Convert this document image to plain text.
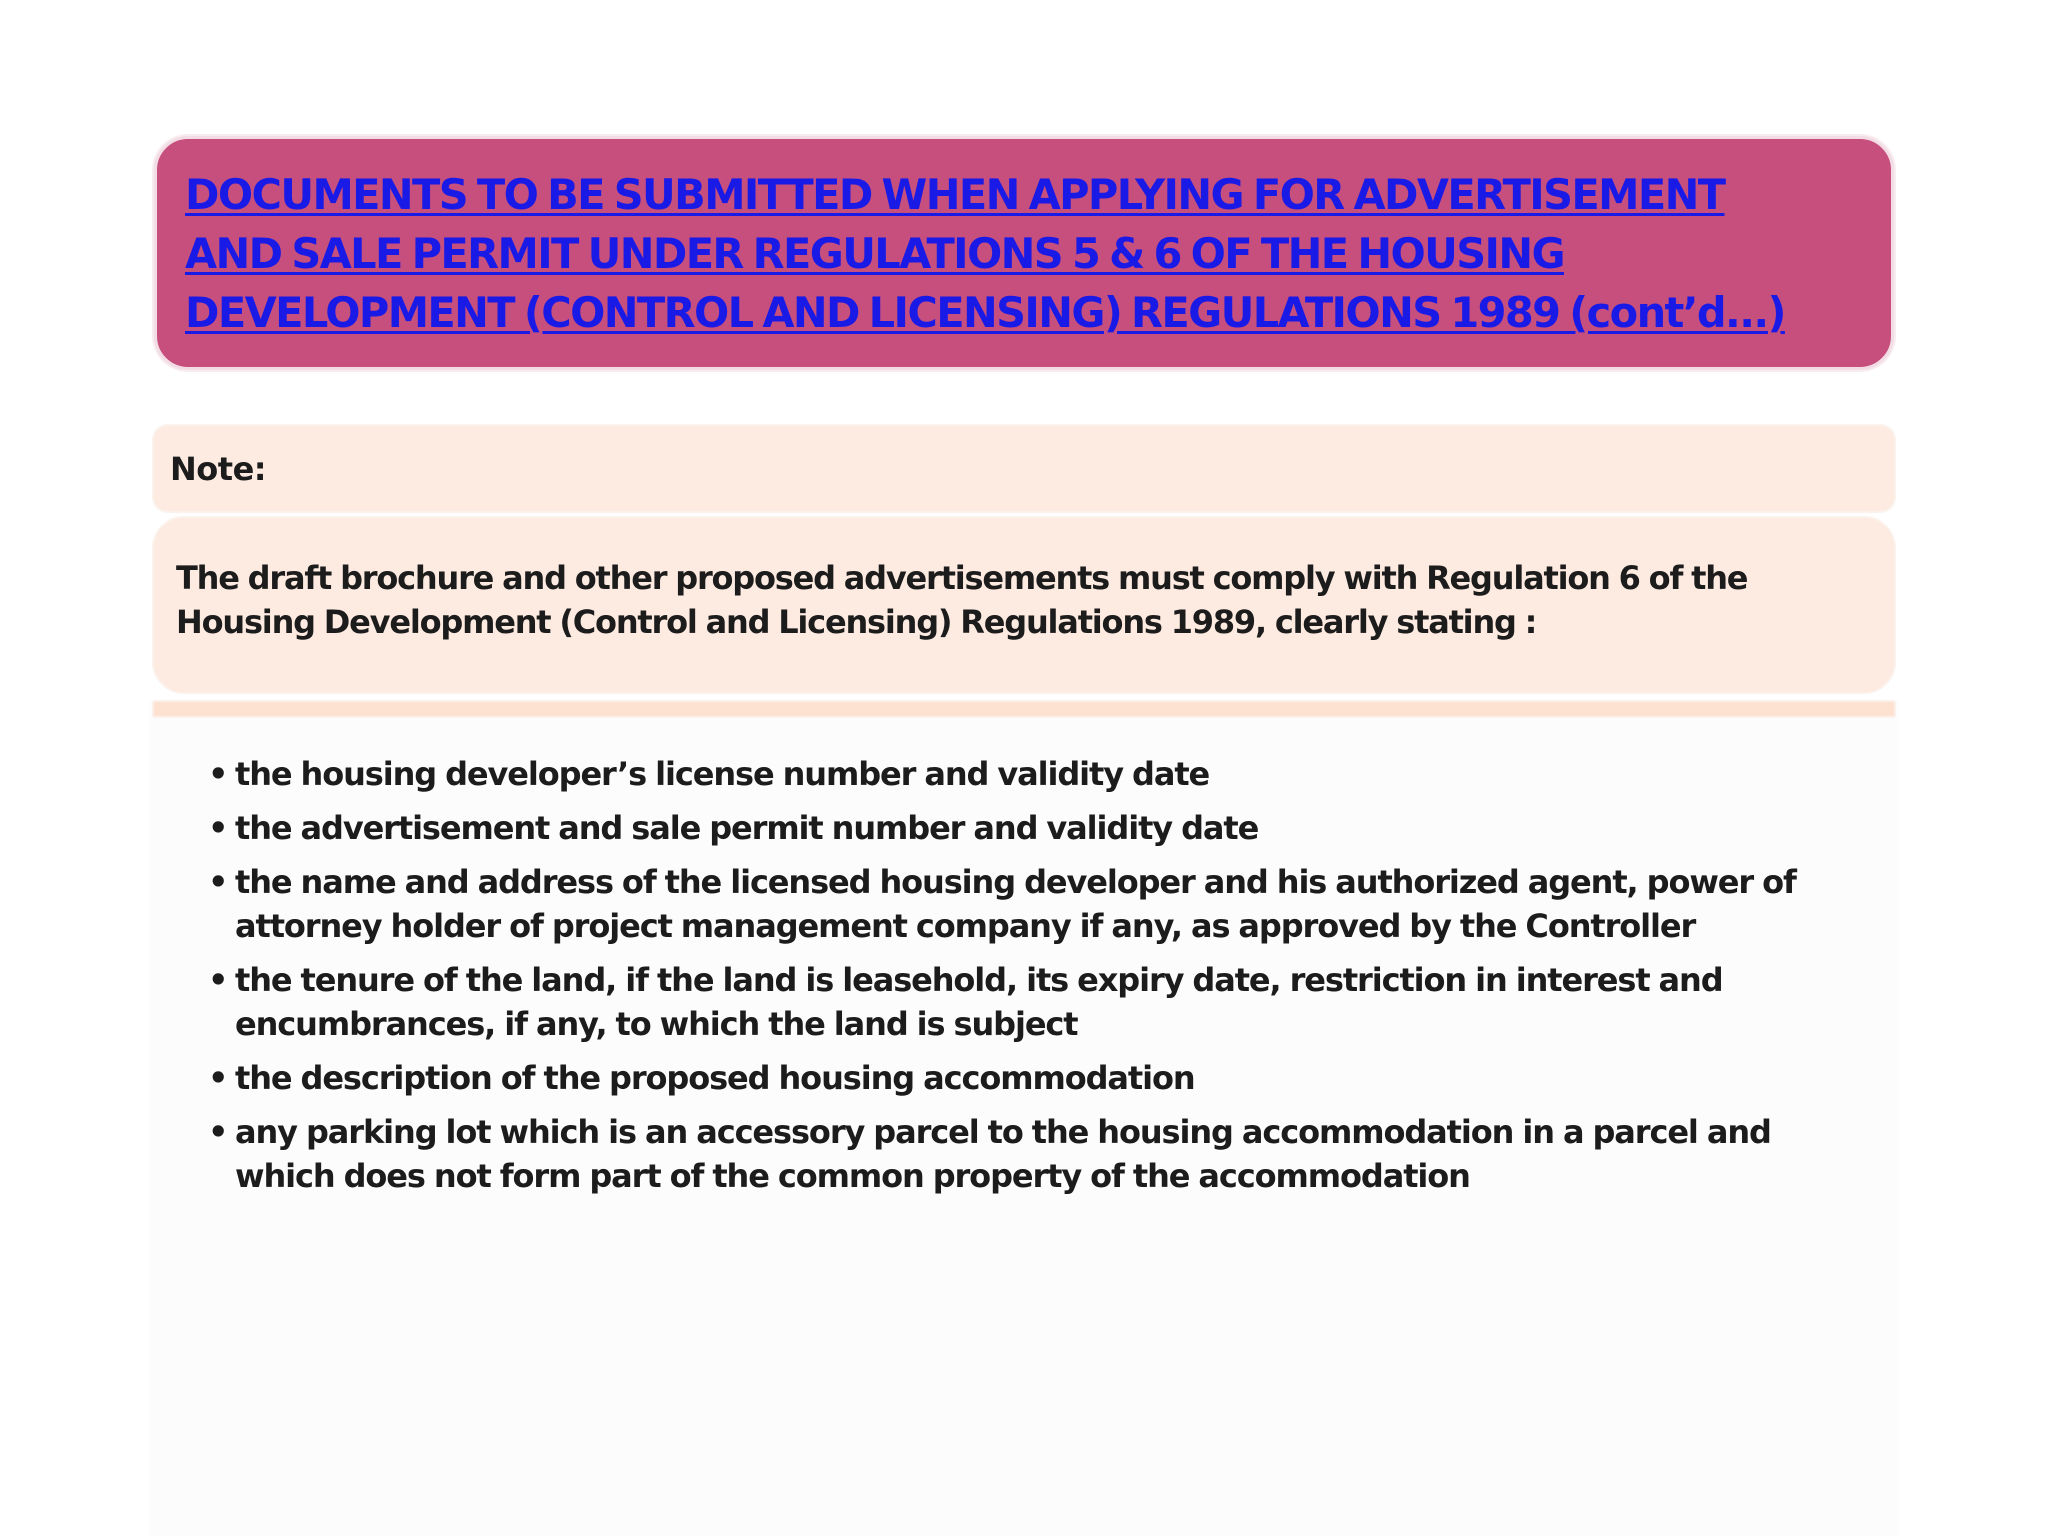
DOCUMENTS TO BE SUBMITTED WHEN APPLYING FOR ADVERTISEMENT
AND SALE PERMIT UNDER REGULATIONS 5 & 6 OF THE HOUSING
DEVELOPMENT (CONTROL AND LICENSING) REGULATIONS 1989 (cont’d...)
Note:
The draft brochure and other proposed advertisements must comply with Regulation 6 of the Housing Development (Control and Licensing) Regulations 1989, clearly stating :
• the housing developer’s license number and validity date
• the advertisement and sale permit number and validity date
• the name and address of the licensed housing developer and his authorized agent, power of attorney holder of project management company if any, as approved by the Controller
• the tenure of the land, if the land is leasehold, its expiry date, restriction in interest and encumbrances, if any, to which the land is subject
• the description of the proposed housing accommodation
• any parking lot which is an accessory parcel to the housing accommodation in a parcel and which does not form part of the common property of the accommodation
